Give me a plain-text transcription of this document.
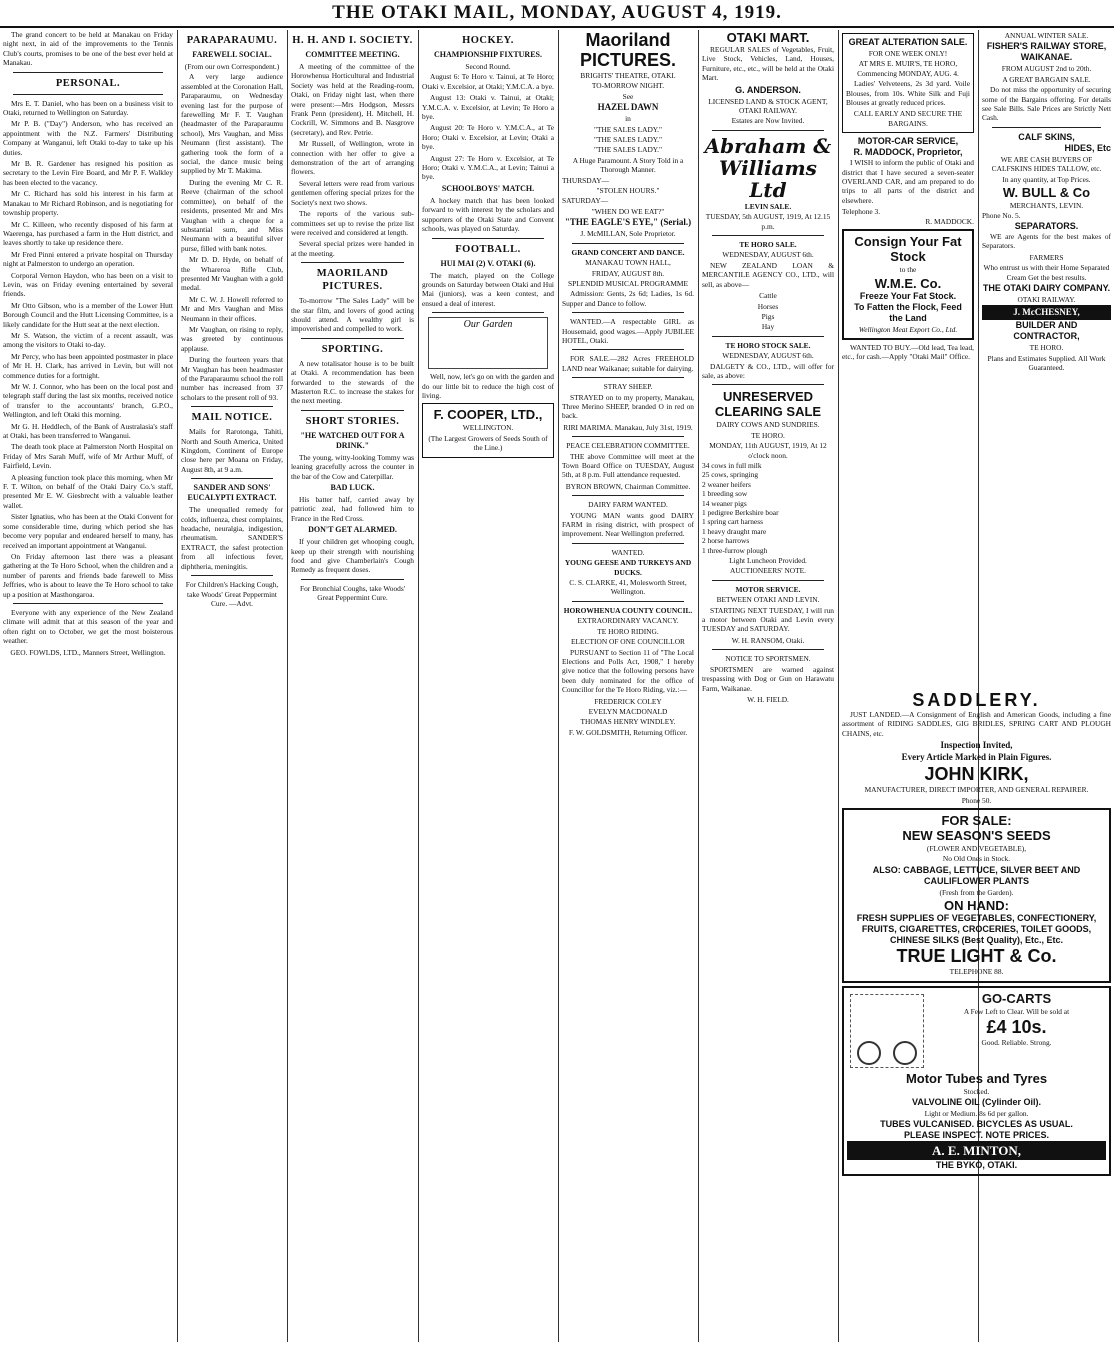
THE OTAKI MAIL, MONDAY, AUGUST 4, 1919.
The grand concert to be held at Manakau on Friday night next, in aid of the improvements to the Tennis Club's courts, promises to be one of the best ever held at Manakau.
PERSONAL.
Mrs E. T. Daniel, who has been on a business visit to Otaki, returned to Wellington on Saturday.
Mr P. B. ("Day") Anderson, who has received an appointment with the N.Z. Farmers' Distributing Company at Wanganui, left Otaki to-day to take up his duties.
Mr B. R. Gardener has resigned his position as secretary to the Levin Fire Board, and Mr P. F. Walkley has been elected to the vacancy.
Mr C. Richard has sold his interest in his farm at Manakau to Mr Richard Robinson, and is negotiating for township property.
Mr C. Killeen, who recently disposed of his farm at Waerenga, has purchased a farm in the Hutt district, and leaves shortly to take up residence there.
Mr Fred Pinni entered a private hospital on Thursday night at Palmerston to undergo an operation.
Corporal Vernon Haydon, who has been on a visit to Levin, was on Friday evening entertained by several friends.
Mr Otto Gibson, who is a member of the Lower Hutt Borough Council and the Hutt Licensing Committee, is a likely candidate for the Hutt seat at the next election.
Mr S. Watson, the victim of a recent assault, was among the visitors to Otaki to-day.
Mr Percy, who has been appointed postmaster in place of Mr H. H. Clark, has arrived in Levin, but will not commence duties for a fortnight.
Mr W. J. Connor, who has been on the local post and telegraph staff during the last six months, received notice of transfer to the accountants' branch, G.P.O., Wellington, and left Otaki this morning.
Mr G. H. Heddlech, of the Bank of Australasia's staff at Otaki, has been transferred to Wanganui.
The death took place at Palmerston North Hospital on Friday of Mrs Sarah Muff, wife of Mr Arthur Muff, of Fairfield, Levin.
A pleasing function took place this morning, when Mr F. T. Wilton, on behalf of the Otaki Dairy Co.'s staff, presented Mr E. W. Giesbrecht with a valuable leather wallet.
Sister Ignatius, who has been at the Otaki Convent for some considerable time, during which period she has become very popular and endeared herself to many, has received an important appointment at Wanganui.
On Friday afternoon last there was a pleasant gathering at the Te Horo School, when the children and a number of parents and friends bade farewell to Miss Jeffries, who is about to leave the Te Horo school to take up a position at Masthongaroa.
Everyone with any experience of the New Zealand climate will admit that at this season of the year and often right on to October, we get the most boisterous weather.
GEO. FOWLDS, LTD., Manners Street, Wellington.
PARAPARAUMU.
FAREWELL SOCIAL.
(From our own Correspondent.)
A very large audience assembled at the Coronation Hall, Paraparaumu, on Wednesday evening last for the purpose of farewelling Mr F. T. Vaughan (headmaster of the Paraparaumu school), Mrs Vaughan, and Miss Neumann (first assistant). The gathering took the form of a social, the dance music being supplied by Mr T. Makima.
During the evening Mr C. R. Reeve (chairman of the school committee), on behalf of the residents, presented Mr and Mrs Vaughan with a cheque for a substantial sum, and Miss Neumann with a beautiful silver purse, filled with bank notes.
Mr D. D. Hyde, on behalf of the Whareroa Rifle Club, presented Mr Vaughan with a gold medal.
Mr C. W. J. Howell referred to Mr and Mrs Vaughan and Miss Neumann in their offices.
Mr Vaughan, on rising to reply, was greeted by continuous applause.
During the fourteen years that Mr Vaughan has been headmaster of the Paraparaumu school the roll number has increased from 37 scholars to the present roll of 93.
MAIL NOTICE.
Mails for Rarotonga, Tahiti, North and South America, United Kingdom, Continent of Europe close here per Moana on Friday, August 8th, at 9 a.m.
SANDER AND SONS' EUCALYPTI EXTRACT.
The unequalled remedy for colds, influenza, chest complaints, headache, neuralgia, indigestion, rheumatism. SANDER'S EXTRACT, the safest protection from all infectious fever, diphtheria, meningitis.
For Children's Hacking Cough, take Woods' Great Peppermint Cure. —Advt.
H. H. AND I. SOCIETY.
COMMITTEE MEETING.
A meeting of the committee of the Horowhenua Horticultural and Industrial Society was held at the Reading-room, Otaki, on Friday night last, when there were present:—Mrs Hodgson, Messrs Frank Penn (president), H. Mitchell, H. Cockrill, W. Simmons and B. Nasgrove (secretary), and Rev. Petrie.
Mr Russell, of Wellington, wrote in connection with her offer to give a demonstration of the art of arranging flowers.
Several letters were read from various gentlemen offering special prizes for the Society's next two shows.
The reports of the various sub-committees set up to revise the prize list were received and considered at length.
Several special prizes were handed in at the meeting.
MAORILAND PICTURES.
To-morrow "The Sales Lady" will be the star film, and lovers of good acting should attend. A wealthy girl is impoverished and compelled to work.
SPORTING.
A new totalisator house is to be built at Otaki. A recommendation has been forwarded to the stewards of the Masterton R.C. to increase the stakes for the next meeting.
SHORT STORIES.
"HE WATCHED OUT FOR A DRINK."
The young, witty-looking Tommy was leaning gracefully across the counter in the bar of the Cow and Caterpillar.
BAD LUCK.
His batter half, carried away by patriotic zeal, had followed him to France in the Red Cross.
DON'T GET ALARMED.
If your children get whooping cough, keep up their strength with nourishing food and give Chamberlain's Cough Remedy as frequent doses.
For Bronchial Coughs, take Woods' Great Peppermint Cure.
HOCKEY.
CHAMPIONSHIP FIXTURES.
Second Round.
August 6: Te Horo v. Tainui, at Te Horo; Otaki v. Excelsior, at Otaki; Y.M.C.A. a bye.
August 13: Otaki v. Tainui, at Otaki; Y.M.C.A. v. Excelsior, at Levin; Te Horo a bye.
August 20: Te Horo v. Y.M.C.A., at Te Horo; Otaki v. Excelsior, at Levin; Otaki a bye.
August 27: Te Horo v. Excelsior, at Te Horo; Otaki v. Y.M.C.A., at Levin; Tainui a bye.
SCHOOLBOYS' MATCH.
A hockey match that has been looked forward to with interest by the scholars and supporters of the Otaki State and Convent schools, was played on Saturday.
FOOTBALL.
HUI MAI (2) V. OTAKI (6).
The match, played on the College grounds on Saturday between Otaki and Hui Mai (juniors), was a keen contest, and ensued a deal of interest.
Our Garden
Well, now, let's go on with the garden and do our little bit to reduce the high cost of living.
F. COOPER, LTD.,
WELLINGTON.
(The Largest Growers of Seeds South of the Line.)
Maoriland PICTURES.
BRIGHTS' THEATRE, OTAKI.
TO-MORROW NIGHT.
See
HAZEL DAWN
in
"THE SALES LADY."
"THE SALES LADY."
"THE SALES LADY."
A Huge Paramount. A Story Told in a Thorough Manner.
THURSDAY—
"STOLEN HOURS."
SATURDAY—
"WHEN DO WE EAT?"
"THE EAGLE'S EYE," (Serial.)
J. McMILLAN, Sole Proprietor.
GRAND CONCERT AND DANCE.
MANAKAU TOWN HALL,
FRIDAY, AUGUST 8th.
SPLENDID MUSICAL PROGRAMME
Admission: Gents, 2s 6d; Ladies, 1s 6d. Supper and Dance to follow.
WANTED.—A respectable GIRL as Housemaid, good wages.—Apply JUBILEE HOTEL, Otaki.
FOR SALE.—282 Acres FREEHOLD LAND near Waikanae; suitable for dairying.
STRAY SHEEP.
STRAYED on to my property, Manakau, Three Merino SHEEP, branded O in red on back.
RIRI MARIMA. Manakau, July 31st, 1919.
PEACE CELEBRATION COMMITTEE.
THE above Committee will meet at the Town Board Office on TUESDAY, August 5th, at 8 p.m. Full attendance requested.
BYRON BROWN, Chairman Committee.
DAIRY FARM WANTED.
YOUNG MAN wants good DAIRY FARM in rising district, with prospect of improvement. Near Wellington preferred.
WANTED.
YOUNG GEESE AND TURKEYS AND DUCKS.
C. S. CLARKE, 41, Molesworth Street, Wellington.
HOROWHENUA COUNTY COUNCIL.
EXTRAORDINARY VACANCY.
TE HORO RIDING.
ELECTION OF ONE COUNCILLOR
PURSUANT to Section 11 of "The Local Elections and Polls Act, 1908," I hereby give notice that the following persons have been duly nominated for the office of Councillor for the Te Horo Riding, viz.:—
FREDERICK COLEY
EVELYN MACDONALD
THOMAS HENRY WINDLEY.
F. W. GOLDSMITH, Returning Officer.
OTAKI MART.
REGULAR SALES of Vegetables, Fruit, Live Stock, Vehicles, Land, Houses, Furniture, etc., etc., will be held at the Otaki Mart.
G. ANDERSON.
LICENSED LAND & STOCK AGENT, OTAKI RAILWAY.
Estates are Now Invited.
Abraham & Williams Ltd
LEVIN SALE.
TUESDAY, 5th AUGUST, 1919, At 12.15 p.m.
TE HORO SALE.
WEDNESDAY, AUGUST 6th.
NEW ZEALAND LOAN & MERCANTILE AGENCY CO., LTD., will sell, as above—
Cattle
Horses
Pigs
Hay
TE HORO STOCK SALE.
WEDNESDAY, AUGUST 6th.
DALGETY & CO., LTD., will offer for sale, as above:
UNRESERVED CLEARING SALE
DAIRY COWS AND SUNDRIES.
TE HORO.
MONDAY, 11th AUGUST, 1919, At 12 o'clock noon.
34 cows in full milk
25 cows, springing
2 weaner heifers
1 breeding sow
14 weaner pigs
1 pedigree Berkshire boar
1 spring cart harness
1 heavy draught mare
2 horse harrows
1 three-furrow plough
Light Luncheon Provided.
AUCTIONEERS' NOTE.
MOTOR SERVICE.
BETWEEN OTAKI AND LEVIN.
STARTING NEXT TUESDAY, I will run a motor between Otaki and Levin every TUESDAY and SATURDAY.
W. H. RANSOM, Otaki.
NOTICE TO SPORTSMEN.
SPORTSMEN are warned against trespassing with Dog or Gun on Harawatu Farm, Waikanae.
W. H. FIELD.
GREAT ALTERATION SALE.
FOR ONE WEEK ONLY!
AT MRS E. MUIR'S, TE HORO, Commencing MONDAY, AUG. 4.
Ladies' Velveteens, 2s 3d yard. Voile Blouses, from 10s. White Silk and Fuji Blouses at greatly reduced prices.
CALL EARLY AND SECURE THE BARGAINS.
MOTOR-CAR SERVICE,
R. MADDOCK, Proprietor,
I WISH to inform the public of Otaki and district that I have secured a seven-seater OVERLAND CAR, and am prepared to do trips to all parts of the district and elsewhere.
Telephone 3.
R. MADDOCK.
Consign Your Fat Stock
to the
W.M.E. Co.
Freeze Your Fat Stock.
To Fatten the Flock, Feed the Land
Wellington Meat Export Co., Ltd.
WANTED TO BUY.—Old lead, Tea lead, etc., for cash.—Apply "Otaki Mail" Office.
ANNUAL WINTER SALE.
FISHER'S RAILWAY STORE, WAIKANAE.
FROM AUGUST 2nd to 20th.
A GREAT BARGAIN SALE.
Do not miss the opportunity of securing some of the Bargains offering. For details see Sale Bills. Sale Prices are Strictly Nett Cash.
CALF SKINS,
HIDES, Etc
WE ARE CASH BUYERS OF CALFSKINS HIDES TALLOW, etc.
In any quantity, at Top Prices.
W. BULL & Co
MERCHANTS, LEVIN.
Phone No. 5.
SEPARATORS.
WE are Agents for the best makes of Separators.
FARMERS
Who entrust us with their Home Separated Cream Get the best results.
THE OTAKI DAIRY COMPANY.
OTAKI RAILWAY.
J. McCHESNEY,
BUILDER AND CONTRACTOR,
TE HORO.
Plans and Estimates Supplied. All Work Guaranteed.
SADDLERY.
JUST LANDED.—A Consignment of English and American Goods, including a fine assortment of RIDING SADDLES, GIG BRIDLES, SPRING CART AND PLOUGH CHAINS, etc.
Inspection Invited,
Every Article Marked in Plain Figures.
JOHN KIRK,
MANUFACTURER, DIRECT IMPORTER, AND GENERAL REPAIRER.
Phone 50.
FOR SALE:
NEW SEASON'S SEEDS
(FLOWER AND VEGETABLE),
No Old Ones in Stock.
ALSO: CABBAGE, LETTUCE, SILVER BEET AND CAULIFLOWER PLANTS
(Fresh from the Garden).
ON HAND:
FRESH SUPPLIES OF VEGETABLES, CONFECTIONERY, FRUITS, CIGARETTES, CROCERIES, TOILET GOODS, CHINESE SILKS (Best Quality), Etc., Etc.
TRUE LIGHT & Co.
TELEPHONE 88.
GO-CARTS
A Few Left to Clear. Will be sold at
£4 10s.
Good. Reliable. Strong.
Motor Tubes and Tyres
Stocked.
VALVOLINE OIL (Cylinder Oil).
Light or Medium. 8s 6d per gallon.
TUBES VULCANISED. BICYCLES AS USUAL.
PLEASE INSPECT. NOTE PRICES.
A. E. MINTON,
THE BYKO, OTAKI.
